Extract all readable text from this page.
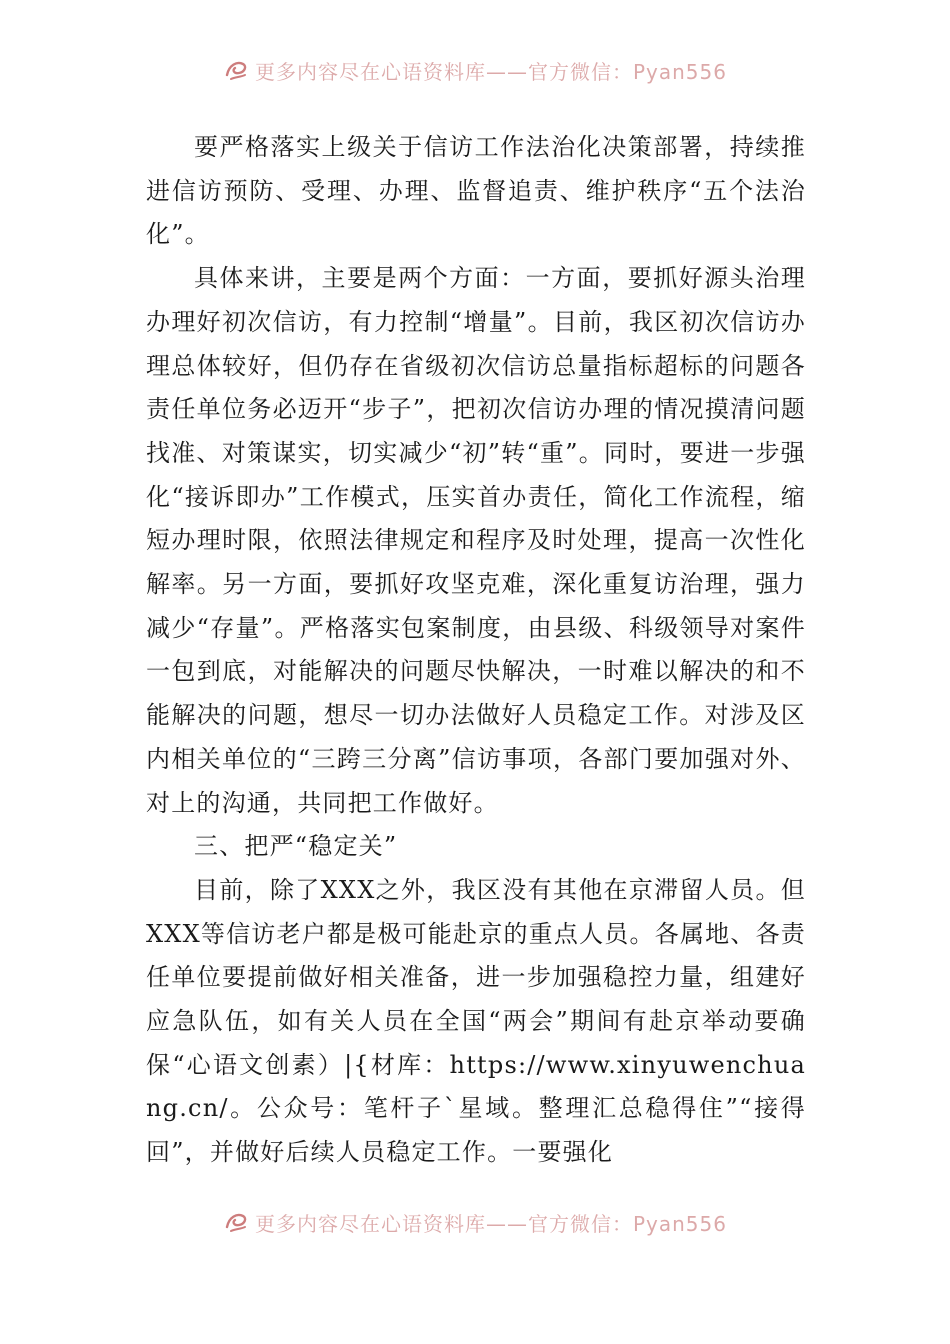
更多内容尽在心语资料库——官方微信：Pyan556

要严格落实上级关于信访工作法治化决策部署，持续推进信访预防、受理、办理、监督追责、维护秩序“五个法治化”。

具体来讲，主要是两个方面：一方面，要抓好源头治理办理好初次信访，有力控制“增量”。目前，我区初次信访办理总体较好，但仍存在省级初次信访总量指标超标的问题各责任单位务必迈开“步子”，把初次信访办理的情况摸清问题找准、对策谋实，切实减少“初”转“重”。同时，要进一步强化“接诉即办”工作模式，压实首办责任，简化工作流程，缩短办理时限，依照法律规定和程序及时处理，提高一次性化解率。另一方面，要抓好攻坚克难，深化重复访治理，强力减少“存量”。严格落实包案制度，由县级、科级领导对案件一包到底，对能解决的问题尽快解决，一时难以解决的和不能解决的问题，想尽一切办法做好人员稳定工作。对涉及区内相关单位的“三跨三分离”信访事项，各部门要加强对外、对上的沟通，共同把工作做好。

三、把严“稳定关”

目前，除了XXX之外，我区没有其他在京滞留人员。但XXX等信访老户都是极可能赴京的重点人员。各属地、各责任单位要提前做好相关准备，进一步加强稳控力量，组建好应急队伍，如有关人员在全国“两会”期间有赴京举动要确保“心语文创素）|{材库：https://www.xinyuwenchuang.cn/。公众号：笔杆子`星域。整理汇总稳得住”“接得回”，并做好后续人员稳定工作。一要强化

更多内容尽在心语资料库——官方微信：Pyan556
